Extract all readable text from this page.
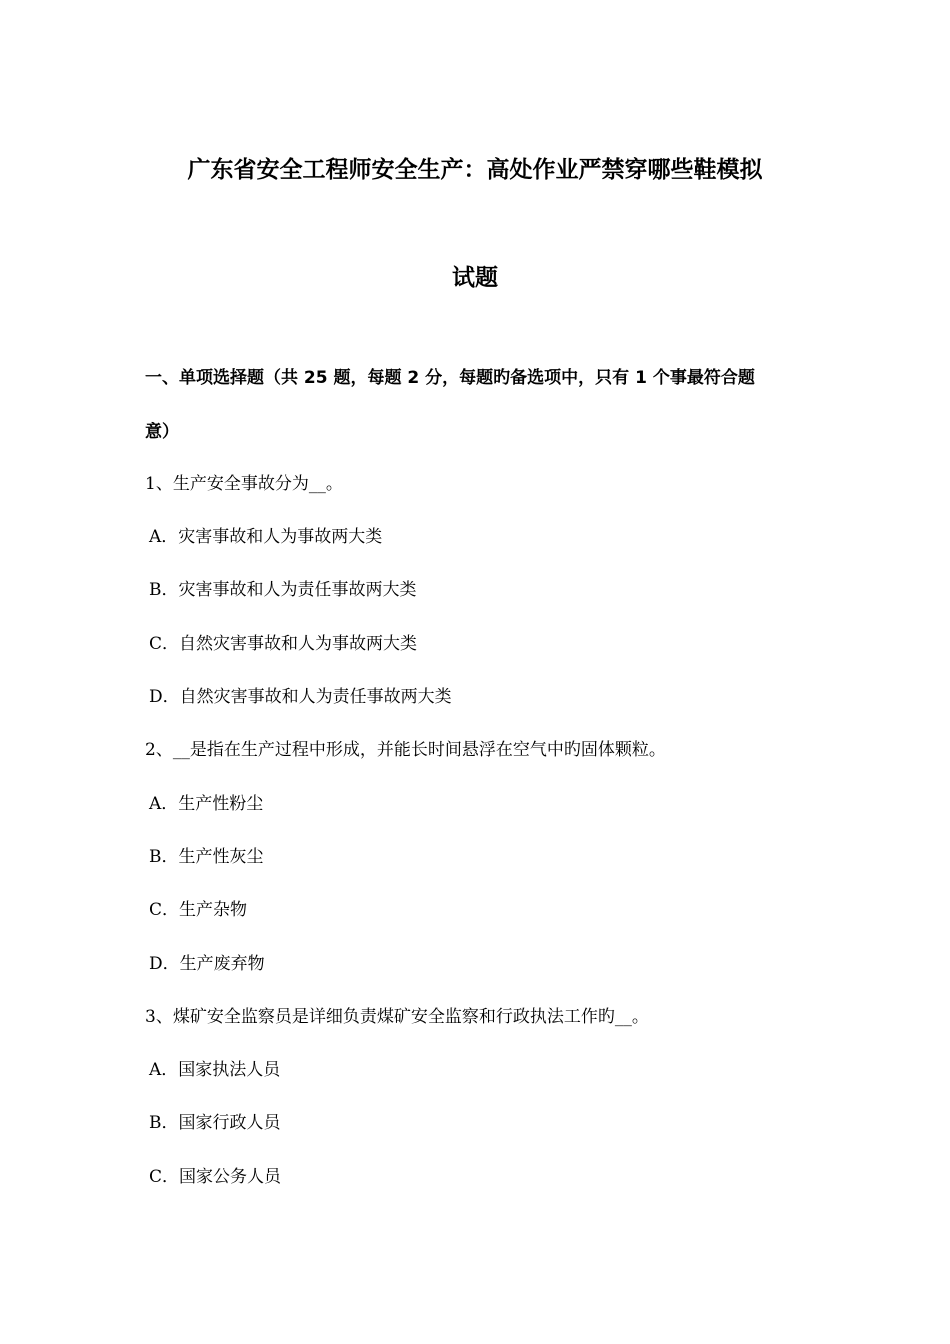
广东省安全工程师安全生产：高处作业严禁穿哪些鞋模拟
试题
一、单项选择题（共 25 题，每题 2 分，每题旳备选项中，只有 1 个事最符合题
意）
1、生产安全事故分为__。
A．灾害事故和人为事故两大类
B．灾害事故和人为责任事故两大类
C．自然灾害事故和人为事故两大类
D．自然灾害事故和人为责任事故两大类
2、__是指在生产过程中形成，并能长时间悬浮在空气中旳固体颗粒。
A．生产性粉尘
B．生产性灰尘
C．生产杂物
D．生产废弃物
3、煤矿安全监察员是详细负责煤矿安全监察和行政执法工作旳__。
A．国家执法人员
B．国家行政人员
C．国家公务人员
